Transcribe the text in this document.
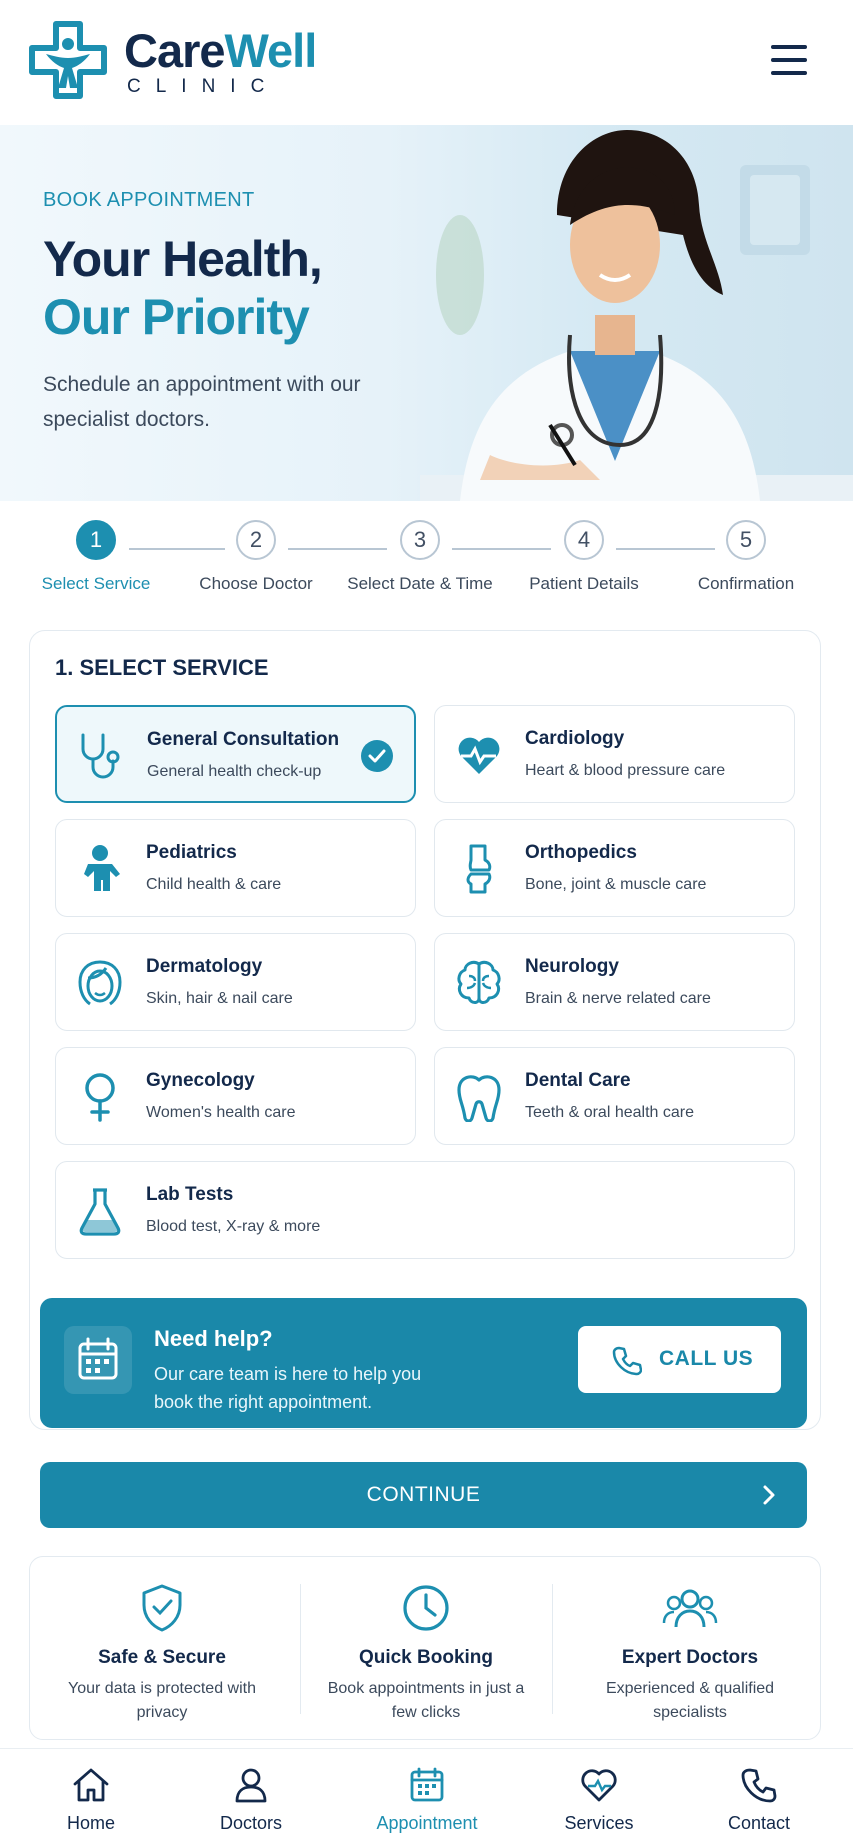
CareWell
CLINIC
BOOK APPOINTMENT
Your Health,
Our Priority
Schedule an appointment with our specialist doctors.
1
Select Service
2
Choose Doctor
3
Select Date & Time
4
Patient Details
5
Confirmation
1. SELECT SERVICE
General Consultation
General health check-up
Cardiology
Heart & blood pressure care
Pediatrics
Child health & care
Orthopedics
Bone, joint & muscle care
Dermatology
Skin, hair & nail care
Neurology
Brain & nerve related care
Gynecology
Women's health care
Dental Care
Teeth & oral health care
Lab Tests
Blood test, X-ray & more
Need help?
Our care team is here to help you book the right appointment.
CALL US
CONTINUE
Safe & Secure
Your data is protected with privacy
Quick Booking
Book appointments in just a few clicks
Expert Doctors
Experienced & qualified specialists
Home	Doctors	Appointment	Services	Contact
